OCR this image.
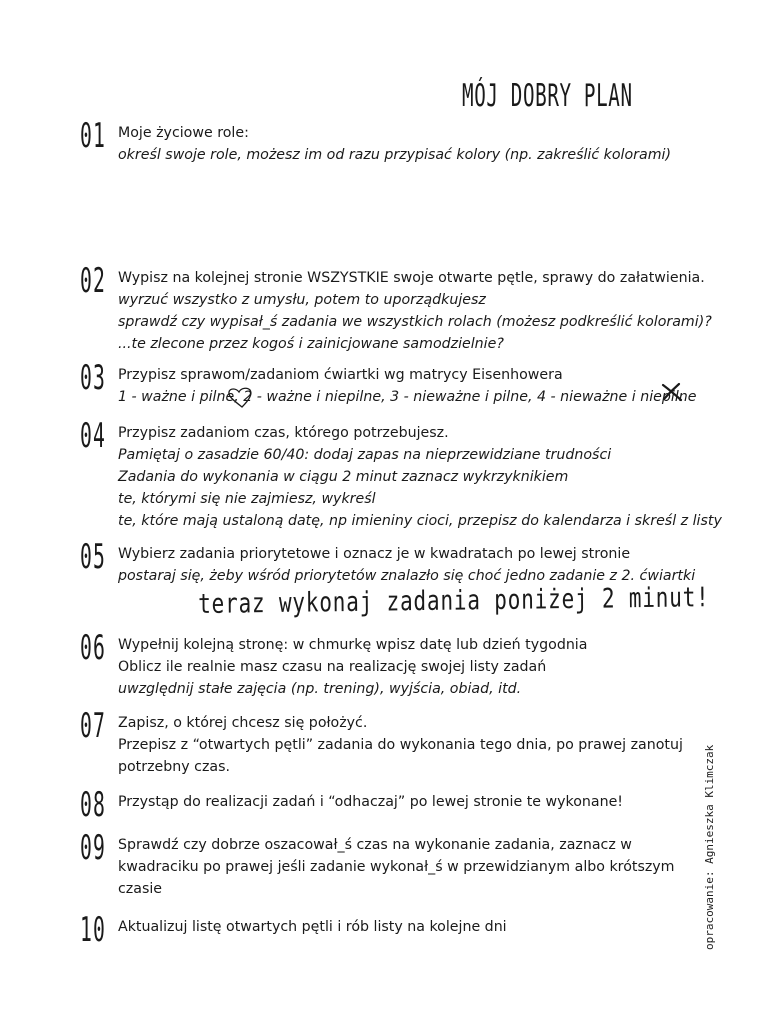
MÓJ DOBRY PLAN
01 Moje życiowe role:
określ swoje role, możesz im od razu przypisać kolory (np. zakreślić kolorami)
02 Wypisz na kolejnej stronie WSZYSTKIE swoje otwarte pętle, sprawy do załatwienia.
wyrzuć wszystko z umysłu, potem to uporządkujesz
sprawdź czy wypisał_ś zadania we wszystkich rolach (możesz podkreślić kolorami)?
...te zlecone przez kogoś i zainicjowane samodzielnie?
03 Przypisz sprawom/zadaniom ćwiartki wg matrycy Eisenhowera
1 - ważne i pilne, 2 - ważne i niepilne, 3 - nieważne i pilne, 4 - nieważne i niepilne
04 Przypisz zadaniom czas, którego potrzebujesz.
Pamiętaj o zasadzie 60/40: dodaj zapas na nieprzewidziane trudności
Zadania do wykonania w ciągu 2 minut zaznacz wykrzyknikiem
te, którymi się nie zajmiesz, wykreśl
te, które mają ustaloną datę, np imieniny cioci, przepisz do kalendarza i skreśl z listy
05 Wybierz zadania priorytetowe i oznacz je w kwadratach po lewej stronie
postaraj się, żeby wśród priorytetów znalazło się choć jedno zadanie z 2. ćwiartki
teraz wykonaj zadania poniżej 2 minut!
06 Wypełnij kolejną stronę: w chmurkę wpisz datę lub dzień tygodnia
Oblicz ile realnie masz czasu na realizację swojej listy zadań
uwzględnij stałe zajęcia (np. trening), wyjścia, obiad, itd.
07 Zapisz, o której chcesz się położyć.
Przepisz z “otwartych pętli” zadania do wykonania tego dnia, po prawej zanotuj
potrzebny czas.
08 Przystąp do realizacji zadań i “odhaczaj” po lewej stronie te wykonane!
09 Sprawdź czy dobrze oszacował_ś czas na wykonanie zadania, zaznacz w
kwadraciku po prawej jeśli zadanie wykonał_ś w przewidzianym albo krótszym
czasie
10 Aktualizuj listę otwartych pętli i rób listy na kolejne dni	opracowanie: Agnieszka Klimczak
